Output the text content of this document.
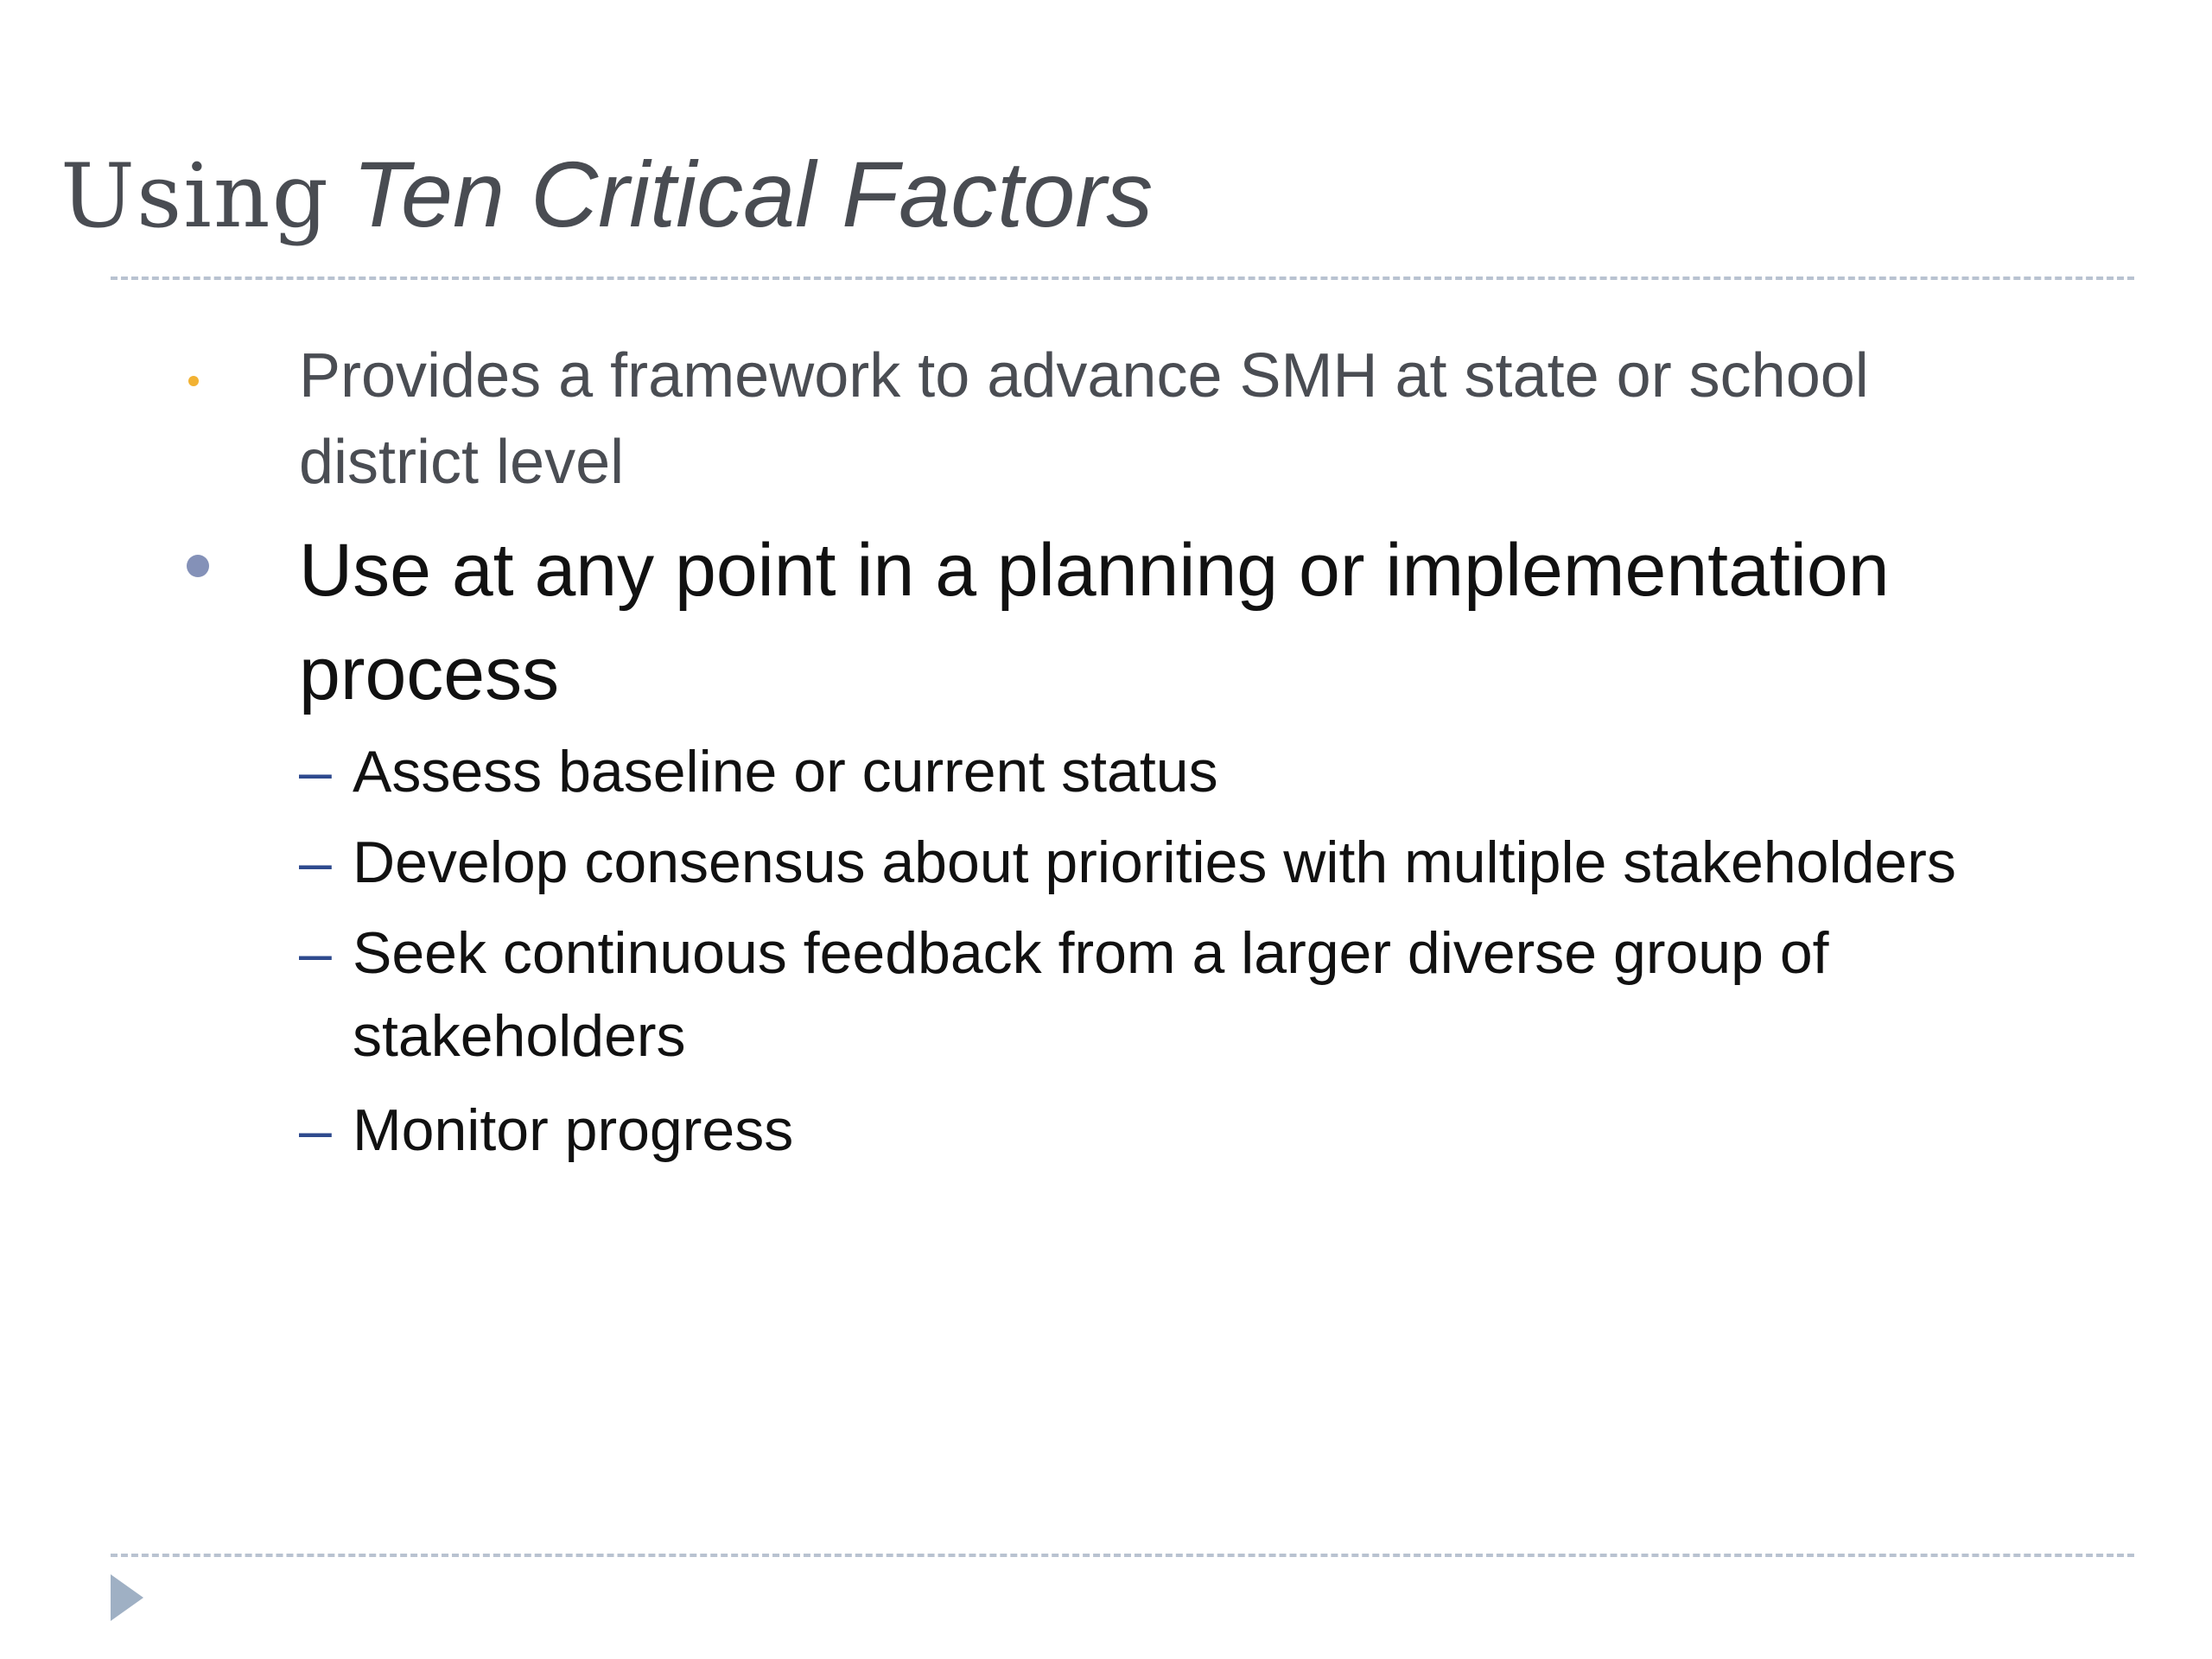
Using Ten Critical Factors
Provides a framework to advance SMH at state or school
district level
Use at any point in a planning or implementation
process
– Assess baseline or current status
– Develop consensus about priorities with multiple stakeholders
– Seek continuous feedback from a larger diverse group of
stakeholders
– Monitor progress
